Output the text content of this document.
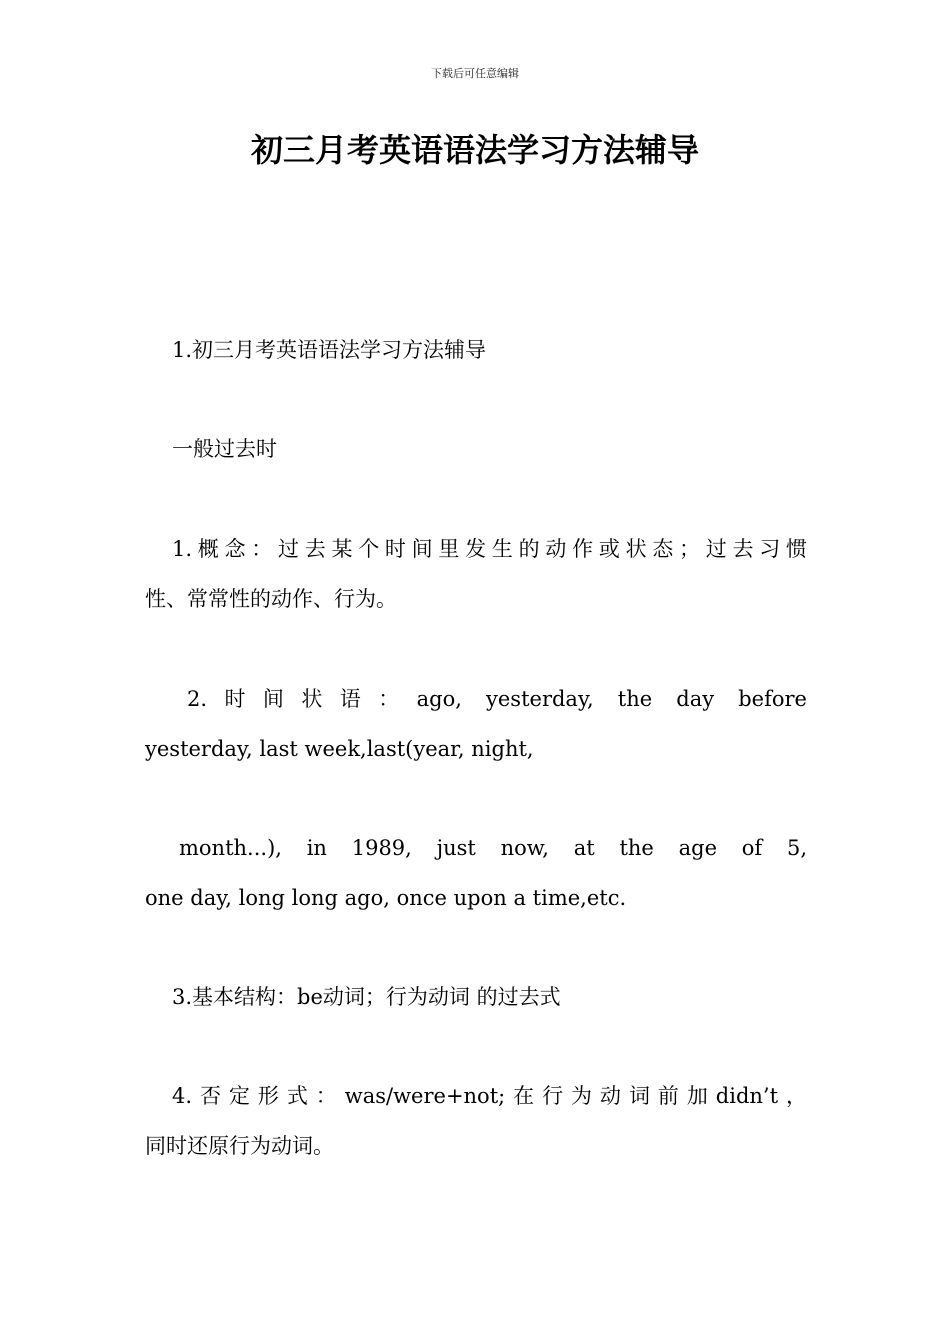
下载后可任意编辑
初三月考英语语法学习方法辅导
1.初三月考英语语法学习方法辅导
一般过去时
1.概念：过去某个时间里发生的动作或状态；过去习惯
性、常常性的动作、行为。
2.时间状语：ago, yesterday, the day before
yesterday, last week,last(year, night,
month...), in 1989, just now, at the age of 5,
one day, long long ago, once upon a time,etc.
3.基本结构：be动词；行为动词 的过去式
4.否定形式：was/were+not;在行为动词前加didn’t，
同时还原行为动词。
